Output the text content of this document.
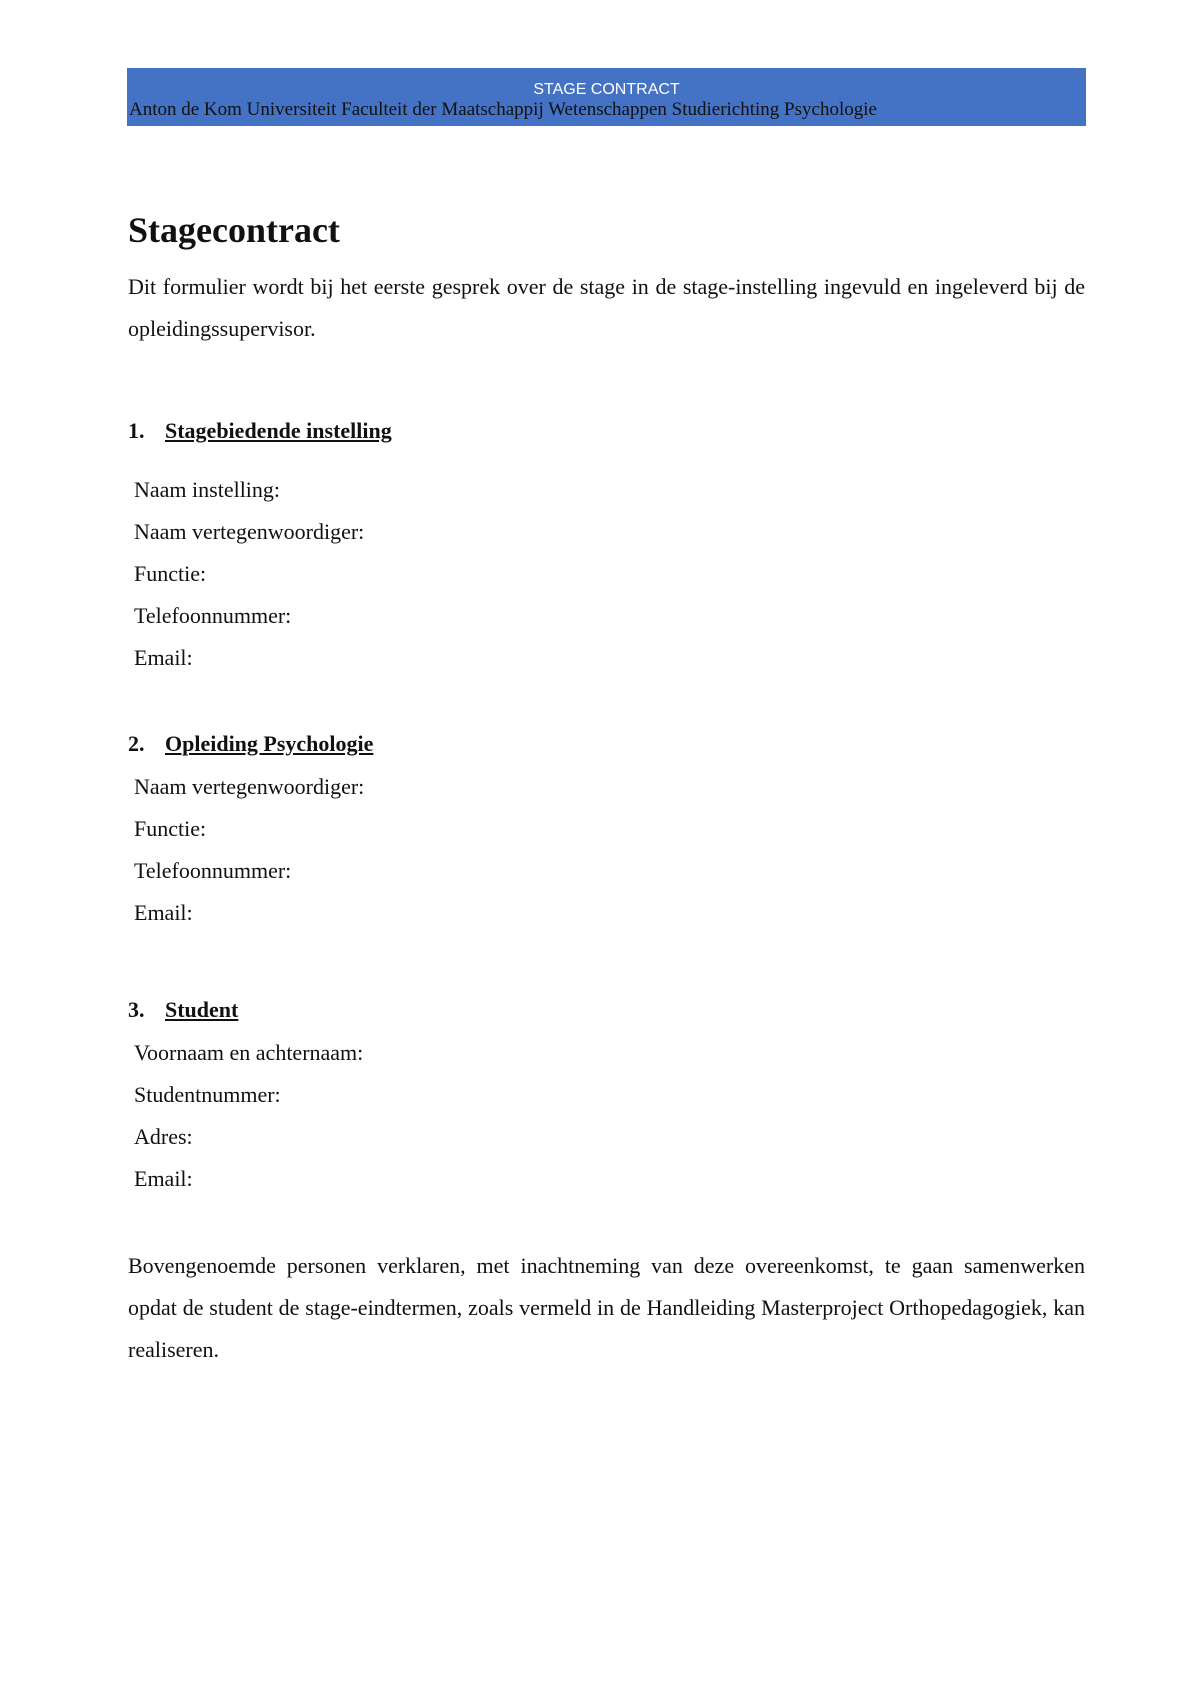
STAGE CONTRACT
Anton de Kom Universiteit Faculteit der Maatschappij Wetenschappen Studierichting Psychologie
Stagecontract
Dit formulier wordt bij het eerste gesprek over de stage in de stage-instelling ingevuld en ingeleverd bij de opleidingssupervisor.
1. Stagebiedende instelling
Naam instelling:
Naam vertegenwoordiger:
Functie:
Telefoonnummer:
Email:
2. Opleiding Psychologie
Naam vertegenwoordiger:
Functie:
Telefoonnummer:
Email:
3. Student
Voornaam en achternaam:
Studentnummer:
Adres:
Email:
Bovengenoemde personen verklaren, met inachtneming van deze overeenkomst, te gaan samenwerken opdat de student de stage-eindtermen, zoals vermeld in de Handleiding Masterproject Orthopedagogiek, kan realiseren.
